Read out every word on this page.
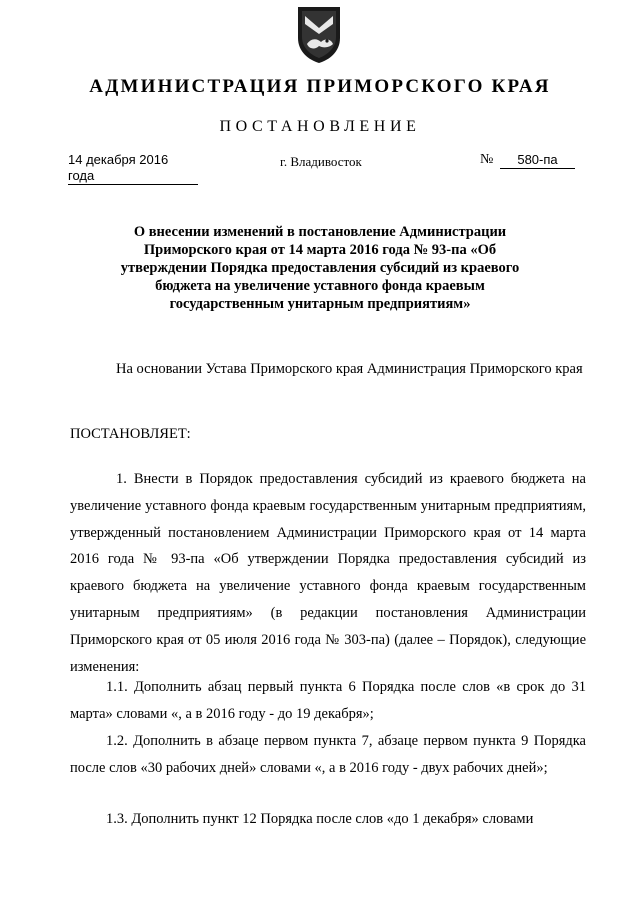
АДМИНИСТРАЦИЯ ПРИМОРСКОГО КРАЯ
ПОСТАНОВЛЕНИЕ
14 декабря 2016 года
г. Владивосток	№	580-па
О внесении изменений в постановление Администрации Приморского края от 14 марта 2016 года № 93-па «Об утверждении Порядка предоставления субсидий из краевого бюджета на увеличение уставного фонда краевым государственным унитарным предприятиям»
На основании Устава Приморского края Администрация Приморского края
ПОСТАНОВЛЯЕТ:
1. Внести в Порядок предоставления субсидий из краевого бюджета на увеличение уставного фонда краевым государственным унитарным предприятиям, утвержденный постановлением Администрации Приморского края от 14 марта 2016 года № 93-па «Об утверждении Порядка предоставления субсидий из краевого бюджета на увеличение уставного фонда краевым государственным унитарным предприятиям» (в редакции постановления Администрации Приморского края от 05 июля 2016 года № 303-па) (далее – Порядок), следующие изменения:
1.1. Дополнить абзац первый пункта 6 Порядка после слов «в срок до 31 марта» словами «, а в 2016 году - до 19 декабря»;
1.2. Дополнить в абзаце первом пункта 7, абзаце первом пункта 9 Порядка после слов «30 рабочих дней» словами «, а в 2016 году - двух рабочих дней»;
1.3. Дополнить пункт 12 Порядка после слов «до 1 декабря» словами
